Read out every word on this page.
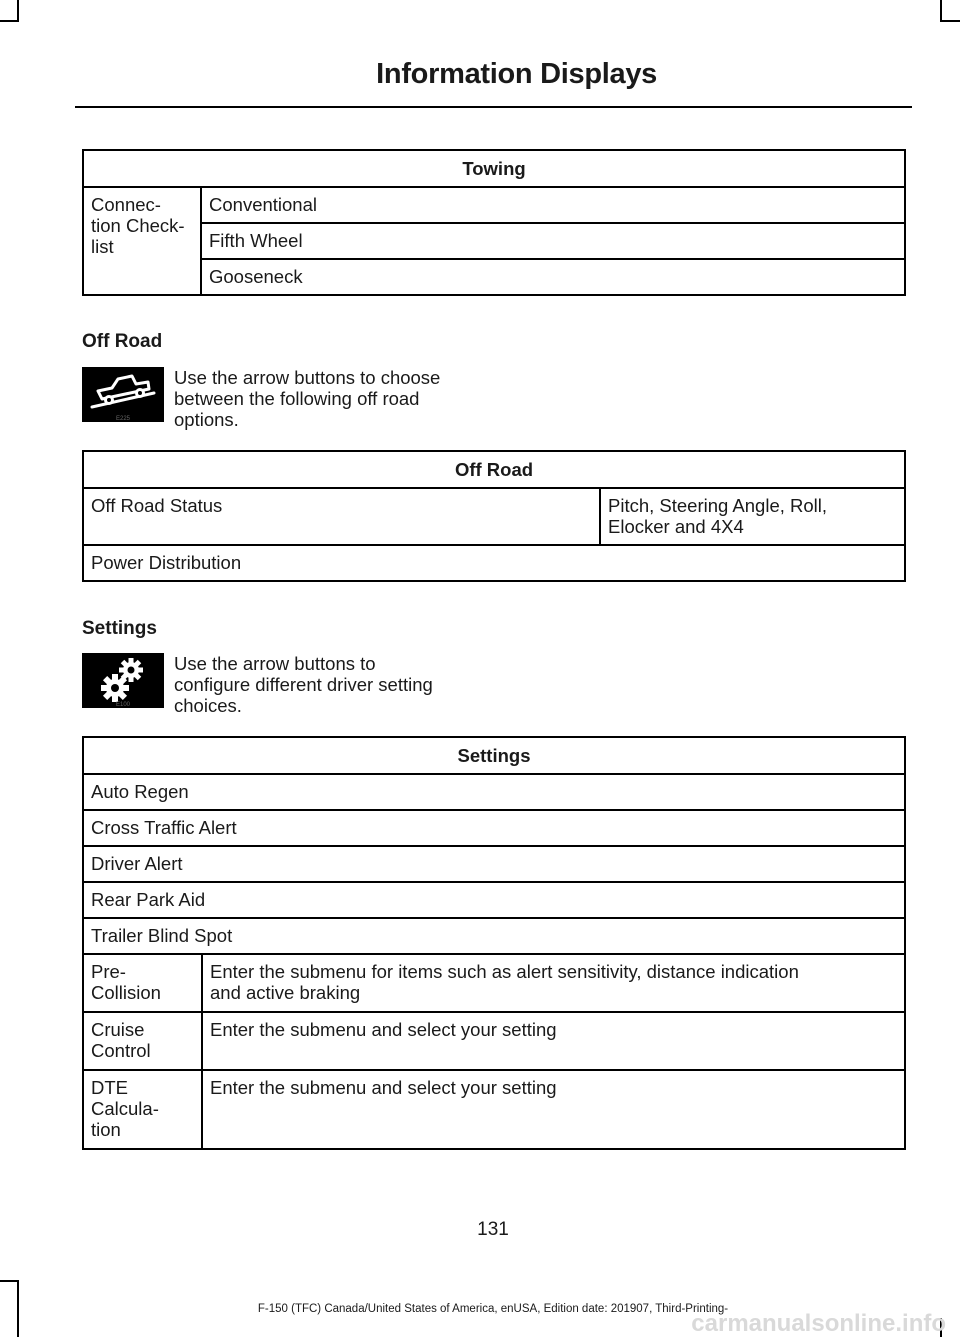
Information Displays
Towing
Connec-
tion Check-
list	Conventional
Fifth Wheel
Gooseneck
Off Road
E225
Use the arrow buttons to choose
between the following off road
options.
Off Road
Off Road Status	Pitch, Steering Angle, Roll,
Elocker and 4X4
Power Distribution
Settings
E100
Use the arrow buttons to
configure different driver setting
choices.
Settings	
Auto Regen	
Cross Traffic Alert	
Driver Alert	
Rear Park Aid	
Trailer Blind Spot	
Pre-Collision	Enter the submenu for items such as alert sensitivity, distance indication
and active braking
Cruise
Control	Enter the submenu and select your setting
DTE Calcula-
tion	Enter the submenu and select your setting
131
F-150 (TFC) Canada/United States of America, enUSA, Edition date: 201907, Third-Printing-
carmanualsonline.info
